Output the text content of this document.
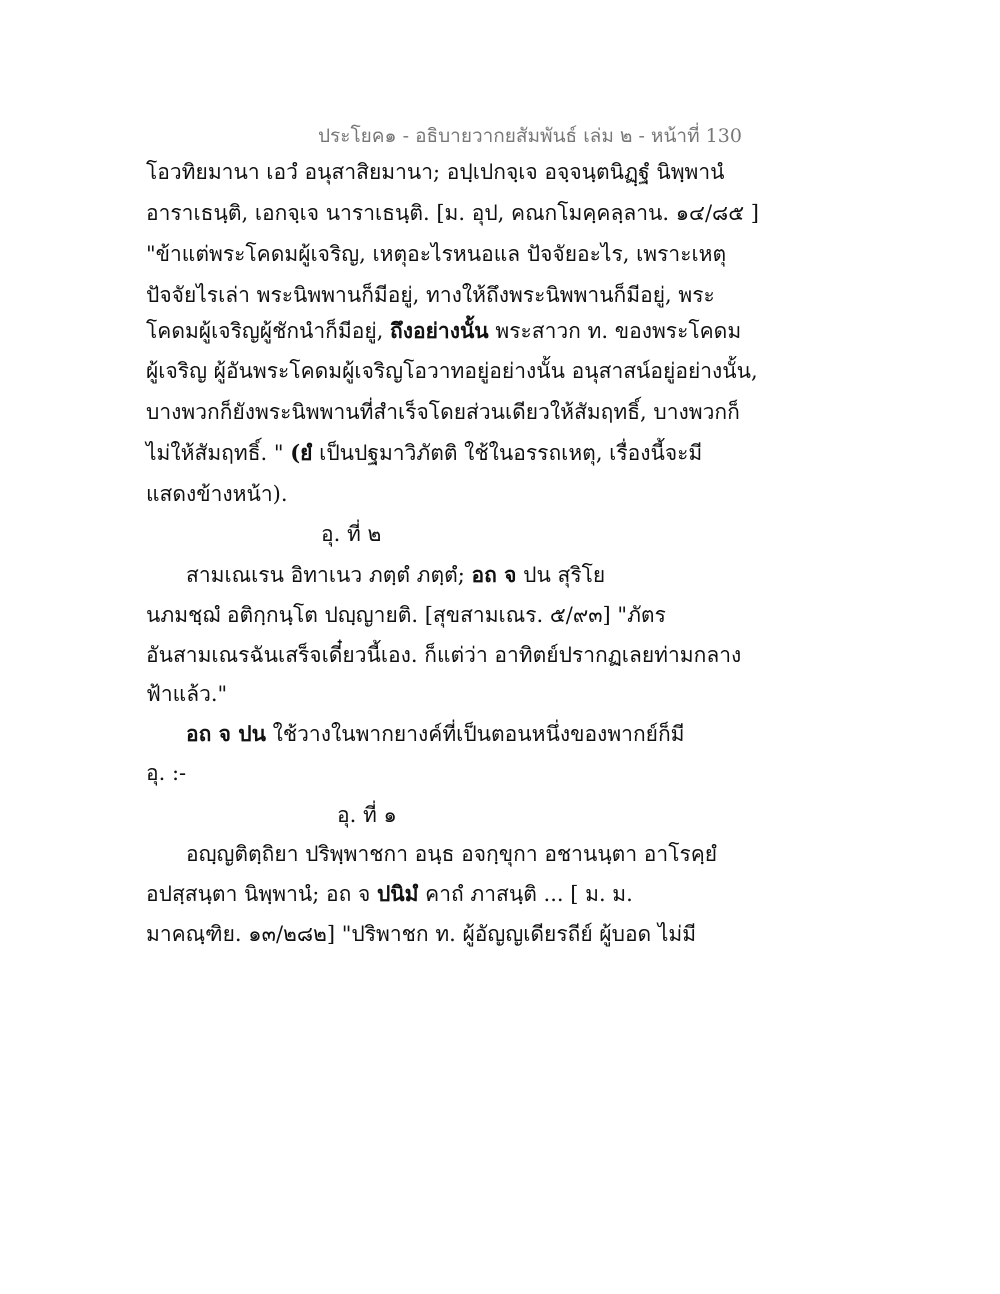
ประโยค๑ - อธิบายวากยสัมพันธ์ เล่ม ๒ - หน้าที่ 130
โอวทิยมานา เอวํ อนุสาสิยมานา; อปฺเปกจฺเจ อจฺจนฺตนิฏฺฐํ นิพฺพานํ
อาราเธนฺติ, เอกจฺเจ นาราเธนฺติ. [ม. อุป, คณกโมคฺคลฺลาน. ๑๔/๘๕ ]
"ข้าแต่พระโคดมผู้เจริญ, เหตุอะไรหนอแล ปัจจัยอะไร, เพราะเหตุ
ปัจจัยไรเล่า พระนิพพานก็มีอยู่, ทางให้ถึงพระนิพพานก็มีอยู่, พระ
โคดมผู้เจริญผู้ชักนำก็มีอยู่, ถึงอย่างนั้น พระสาวก ท. ของพระโคดม
ผู้เจริญ ผู้อันพระโคดมผู้เจริญโอวาทอยู่อย่างนั้น อนุสาสน์อยู่อย่างนั้น,
บางพวกก็ยังพระนิพพานที่สำเร็จโดยส่วนเดียวให้สัมฤทธิ์, บางพวกก็
ไม่ให้สัมฤทธิ์. " (ยํ เป็นปฐมาวิภัตติ ใช้ในอรรถเหตุ, เรื่องนี้จะมี
แสดงข้างหน้า).
อุ. ที่ ๒
สามเณเรน อิทาเนว ภตฺตํ ภตฺตํ; อถ จ ปน สุริโย
นภมชฺฌํ อติกฺกนฺโต ปญฺญายติ. [สุขสามเณร. ๕/๙๓] "ภัตร
อันสามเณรฉันเสร็จเดี๋ยวนี้เอง. ก็แต่ว่า อาทิตย์ปรากฏเลยท่ามกลาง
ฟ้าแล้ว."
อถ จ ปน ใช้วางในพากยางค์ที่เป็นตอนหนึ่งของพากย์ก็มี
อุ. :-
อุ. ที่ ๑
อญฺญติตฺถิยา ปริพฺพาชกา อนฺธ อจกฺขุกา อชานนฺตา อาโรคฺยํ
อปสฺสนฺตา นิพฺพานํ; อถ จ ปนิมํ คาถํ ภาสนฺติ ... [ ม. ม.
มาคณฺฑิย. ๑๓/๒๘๒] "ปริพาชก ท. ผู้อัญญเดียรถีย์ ผู้บอด ไม่มี
